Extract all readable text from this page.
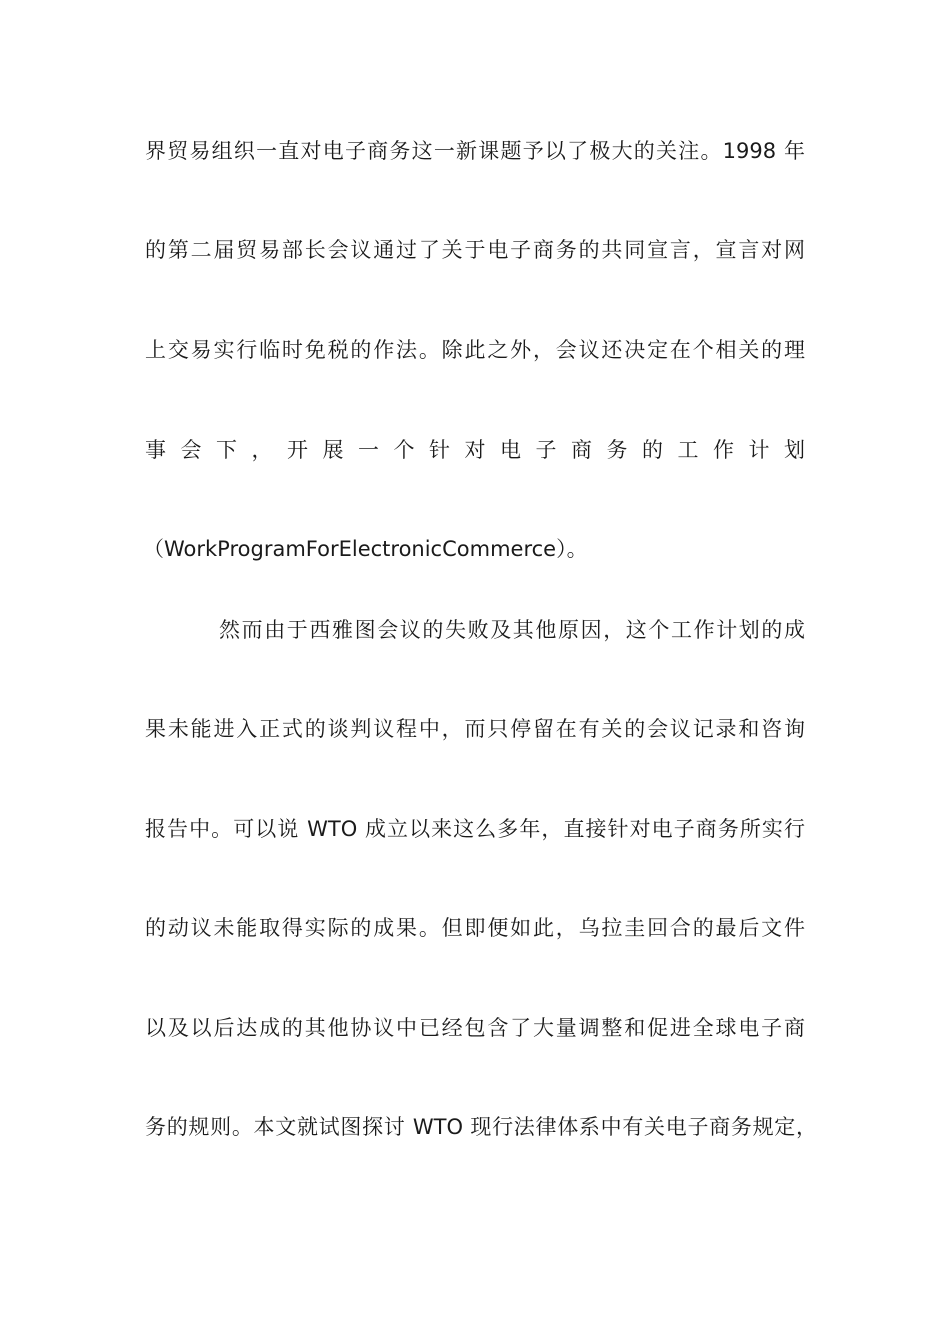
界贸易组织一直对电子商务这一新课题予以了极大的关注。1998 年
的第二届贸易部长会议通过了关于电子商务的共同宣言，宣言对网
上交易实行临时免税的作法。除此之外，会议还决定在个相关的理
事 会 下 ， 开 展 一 个 针 对 电 子 商 务 的 工 作 计 划
（WorkProgramForElectronicCommerce）。
然而由于西雅图会议的失败及其他原因，这个工作计划的成
果未能进入正式的谈判议程中，而只停留在有关的会议记录和咨询
报告中。可以说 WTO 成立以来这么多年，直接针对电子商务所实行
的动议未能取得实际的成果。但即便如此，乌拉圭回合的最后文件
以及以后达成的其他协议中已经包含了大量调整和促进全球电子商
务的规则。本文就试图探讨 WTO 现行法律体系中有关电子商务规定，
